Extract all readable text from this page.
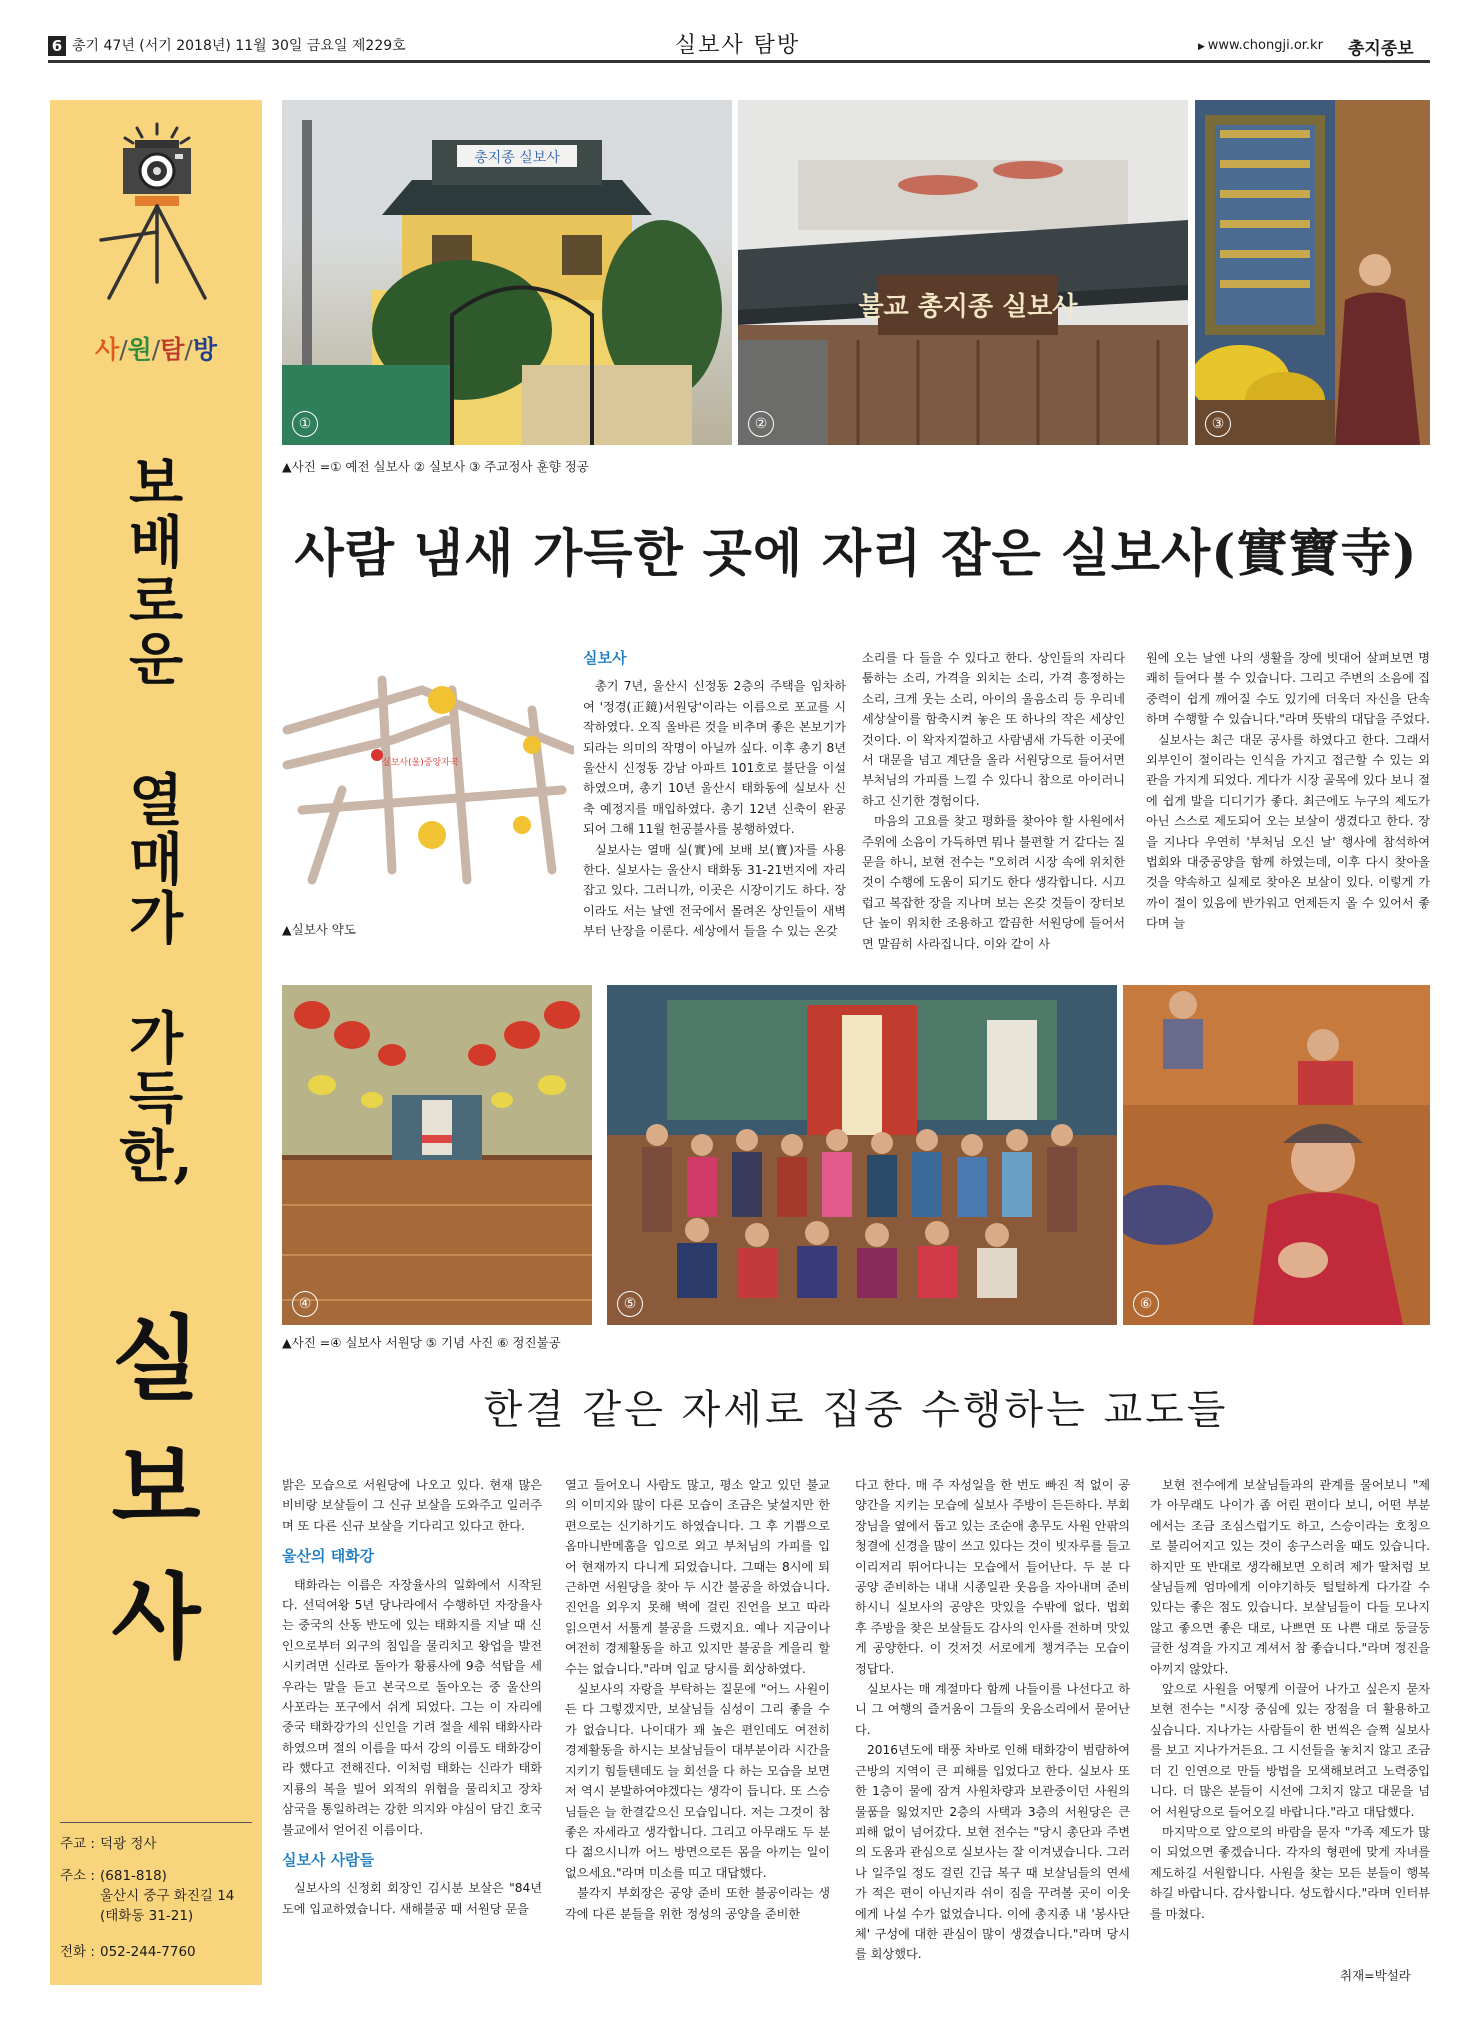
6 총기 47년 (서기 2018년) 11월 30일 금요일 제229호	실보사 탐방	▶ www.chongji.or.kr 총지종보
사/원/탐/방
보
배
로
운
열
매
가
가
득
한,
실
보
사
주교 : 덕광 정사
주소 : (681-818)
울산시 중구 화진길 14
(태화동 31-21)
전화 : 052-244-7760
총지종 실보사
①
불교 총지종 실보사
②	③
▲사진 =① 예전 실보사 ② 실보사 ③ 주교정사 훈향 정공
사람 냄새 가득한 곳에 자리 잡은 실보사(實寶寺)
실보사(울)중앙자곡
▲실보사 약도
실보사

총기 7년, 울산시 신정동 2층의 주택을 임차하여 '정경(正鏡)서원당'이라는 이름으로 포교를 시작하였다. 오직 올바른 것을 비추며 좋은 본보기가 되라는 의미의 작명이 아닐까 싶다. 이후 총기 8년 울산시 신정동 강남 아파트 101호로 불단을 이설하였으며, 총기 10년 울산시 태화동에 실보사 신축 예정지를 매입하였다. 총기 12년 신축이 완공되어 그해 11월 헌공불사를 봉행하였다.

실보사는 열매 실(實)에 보배 보(寶)자를 사용한다. 실보사는 울산시 태화동 31-21번지에 자리 잡고 있다. 그러니까, 이곳은 시장이기도 하다. 장이라도 서는 날엔 전국에서 몰려온 상인들이 새벽부터 난장을 이룬다. 세상에서 들을 수 있는 온갖

소리를 다 들을 수 있다고 한다. 상인들의 자리다툼하는 소리, 가격을 외치는 소리, 가격 흥정하는 소리, 크게 웃는 소리, 아이의 울음소리 등 우리네 세상살이를 함축시켜 놓은 또 하나의 작은 세상인 것이다. 이 왁자지껄하고 사람냄새 가득한 이곳에서 대문을 넘고 계단을 올라 서원당으로 들어서면 부처님의 가피를 느낄 수 있다니 참으로 아이러니 하고 신기한 경험이다.

마음의 고요를 찾고 평화를 찾아야 할 사원에서 주위에 소음이 가득하면 뭐나 불편할 거 같다는 질문을 하니, 보현 전수는 "오히려 시장 속에 위치한 것이 수행에 도움이 되기도 한다 생각합니다. 시끄럽고 복잡한 장을 지나며 보는 온갖 것들이 장터보단 높이 위치한 조용하고 깔끔한 서원당에 들어서면 말끔히 사라집니다. 이와 같이 사

원에 오는 날엔 나의 생활을 장에 빗대어 살펴보면 명쾌히 들여다 볼 수 있습니다. 그리고 주변의 소음에 집중력이 쉽게 깨어질 수도 있기에 더욱더 자신을 단속하며 수행할 수 있습니다."라며 뜻밖의 대답을 주었다.

실보사는 최근 대문 공사를 하였다고 한다. 그래서 외부인이 절이라는 인식을 가지고 접근할 수 있는 외관을 가지게 되었다. 게다가 시장 골목에 있다 보니 절에 쉽게 발을 디디기가 좋다. 최근에도 누구의 제도가 아닌 스스로 제도되어 오는 보살이 생겼다고 한다. 장을 지나다 우연히 '부처님 오신 날' 행사에 참석하여 법회와 대중공양을 함께 하였는데, 이후 다시 찾아올 것을 약속하고 실제로 찾아온 보살이 있다. 이렇게 가까이 절이 있음에 반가워고 언제든지 올 수 있어서 좋다며 늘

④	⑤	⑥
▲사진 =④ 실보사 서원당 ⑤ 기념 사진 ⑥ 정진불공
한결 같은 자세로 집중 수행하는 교도들

밝은 모습으로 서원당에 나오고 있다. 현재 많은 비비랑 보살들이 그 신규 보살을 도와주고 일러주며 또 다른 신규 보살을 기다리고 있다고 한다.

울산의 태화강

태화라는 이름은 자장율사의 일화에서 시작된다. 선덕여왕 5년 당나라에서 수행하던 자장율사는 중국의 산동 반도에 있는 태화지를 지날 때 신인으로부터 외구의 침입을 물리치고 왕업을 발전시키려면 신라로 돌아가 황룡사에 9층 석탑을 세우라는 말을 듣고 본국으로 돌아오는 중 울산의 사포라는 포구에서 쉬게 되었다. 그는 이 자리에 중국 태화강가의 신인을 기려 절을 세워 태화사라 하였으며 절의 이름을 따서 강의 이름도 태화강이라 했다고 전해진다. 이처럼 태화는 신라가 태화지룡의 복을 빌어 외적의 위협을 물리치고 장차 삼국을 통일하려는 강한 의지와 야심이 담긴 호국불교에서 얻어진 이름이다.

실보사 사람들

실보사의 신정회 회장인 김시분 보살은 "84년도에 입교하였습니다. 새해불공 때 서원당 문을

열고 들어오니 사람도 많고, 평소 알고 있던 불교의 이미지와 많이 다른 모습이 조금은 낯설지만 한편으로는 신기하기도 하였습니다. 그 후 기쁨으로 옴마니반메훔을 입으로 외고 부처님의 가피를 입어 현재까지 다니게 되었습니다. 그때는 8시에 퇴근하면 서원당을 찾아 두 시간 불공을 하였습니다. 진언을 외우지 못해 벽에 걸린 진언을 보고 따라 읽으면서 서툴게 불공을 드렸지요. 예나 지금이나 여전히 경제활동을 하고 있지만 불공을 게을리 할 수는 없습니다."라며 입교 당시를 회상하였다.

실보사의 자랑을 부탁하는 질문에 "어느 사원이든 다 그렇겠지만, 보살님들 심성이 그리 좋을 수가 없습니다. 나이대가 꽤 높은 편인데도 여전히 경제활동을 하시는 보살님들이 대부분이라 시간을 지키기 힘들텐데도 늘 회선을 다 하는 모습을 보면 저 역시 분발하여야겠다는 생각이 듭니다. 또 스승님들은 늘 한결같으신 모습입니다. 저는 그것이 참 좋은 자세라고 생각합니다. 그리고 아무래도 두 분 다 젊으시니까 어느 방면으로든 몸을 아끼는 일이 없으세요."라며 미소를 띠고 대답했다.

불각지 부회장은 공양 준비 또한 불공이라는 생각에 다른 분들을 위한 정성의 공양을 준비한

다고 한다. 매 주 자성일을 한 번도 빠진 적 없이 공양간을 지키는 모습에 실보사 주방이 든든하다. 부회장님을 옆에서 돕고 있는 조순애 총무도 사원 안팎의 청결에 신경을 많이 쓰고 있다는 것이 빗자루를 들고 이리저리 뛰어다니는 모습에서 들어난다. 두 분 다 공양 준비하는 내내 시종일관 웃음을 자아내며 준비하시니 실보사의 공양은 맛있을 수밖에 없다. 법회 후 주방을 찾은 보살들도 감사의 인사를 전하며 맛있게 공양한다. 이 것저것 서로에게 챙겨주는 모습이 정답다.

실보사는 매 계절마다 함께 나들이를 나선다고 하니 그 여행의 즐거움이 그들의 웃음소리에서 묻어난다.

2016년도에 태풍 차바로 인해 태화강이 범람하여 근방의 지역이 큰 피해를 입었다고 한다. 실보사 또한 1층이 물에 잠겨 사원차량과 보관중이던 사원의 물품을 잃었지만 2층의 사택과 3층의 서원당은 큰 피해 없이 넘어갔다. 보현 전수는 "당시 총단과 주변의 도움과 관심으로 실보사는 잘 이겨냈습니다. 그러나 일주일 정도 걸린 긴급 복구 때 보살님들의 연세가 적은 편이 아닌지라 쉬이 짐을 꾸려볼 곳이 이웃에게 나설 수가 없었습니다. 이에 총지종 내 '봉사단체' 구성에 대한 관심이 많이 생겼습니다."라며 당시를 회상했다.

보현 전수에게 보살님들과의 관계를 물어보니 "제가 아무래도 나이가 좀 어린 편이다 보니, 어떤 부분에서는 조금 조심스럽기도 하고, 스승이라는 호칭으로 불리어지고 있는 것이 송구스러울 때도 있습니다. 하지만 또 반대로 생각해보면 오히려 제가 딸처럼 보살님들께 엄마에게 이야기하듯 털털하게 다가갈 수 있다는 좋은 점도 있습니다. 보살님들이 다들 모나지 않고 좋으면 좋은 대로, 나쁘면 또 나쁜 대로 둥글둥글한 성격을 가지고 계셔서 참 좋습니다."라며 정진을 아끼지 않았다.

앞으로 사원을 어떻게 이끌어 나가고 싶은지 묻자 보현 전수는 "시장 중심에 있는 장점을 더 활용하고 싶습니다. 지나가는 사람들이 한 번씩은 슬쩍 실보사를 보고 지나가거든요. 그 시선들을 놓치지 않고 조금 더 긴 인연으로 만들 방법을 모색해보려고 노력중입니다. 더 많은 분들이 시선에 그치지 않고 대문을 넘어 서원당으로 들어오길 바랍니다."라고 대답했다.

마지막으로 앞으로의 바람을 묻자 "가족 제도가 많이 되었으면 좋겠습니다. 각자의 형편에 맞게 자녀를 제도하길 서원합니다. 사원을 찾는 모든 분들이 행복하길 바랍니다. 감사합니다. 성도합시다."라며 인터뷰를 마쳤다.

취재=박설라
